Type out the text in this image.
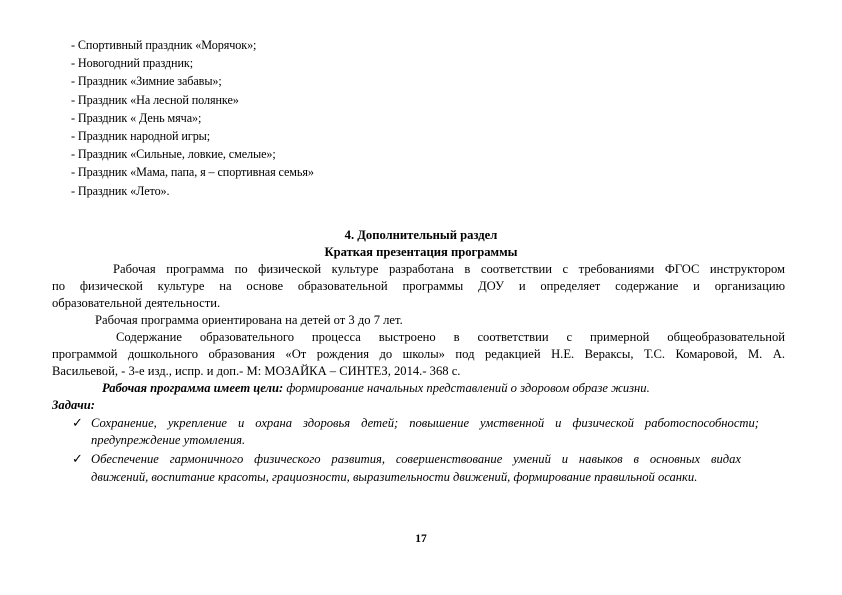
- Спортивный праздник «Морячок»;
- Новогодний праздник;
- Праздник «Зимние забавы»;
- Праздник «На лесной полянке»
- Праздник « День мяча»;
- Праздник народной игры;
- Праздник «Сильные, ловкие, смелые»;
- Праздник «Мама, папа, я – спортивная семья»
- Праздник «Лето».
4. Дополнительный раздел
Краткая презентация программы
Рабочая программа по физической культуре разработана в соответствии с требованиями ФГОС инструктором
по физической культуре на основе образовательной программы ДОУ и определяет содержание и организацию
образовательной деятельности.
Рабочая программа ориентирована на детей от 3 до 7 лет.
Содержание образовательного процесса выстроено в соответствии с примерной общеобразовательной
программой дошкольного образования «От рождения до школы» под редакцией Н.Е. Вераксы, Т.С. Комаровой, М. А.
Васильевой, - 3-е изд., испр. и доп.- М: МОЗАЙКА – СИНТЕЗ, 2014.- 368 с.
Рабочая программа имеет цели: формирование начальных представлений о здоровом образе жизни.
Задачи:
✓ Сохранение, укрепление и охрана здоровья детей; повышение умственной и физической работоспособности;
предупреждение утомления.
✓ Обеспечение гармоничного физического развития, совершенствование умений и навыков в основных видах
движений, воспитание красоты, грациозности, выразительности движений, формирование правильной осанки.
17
